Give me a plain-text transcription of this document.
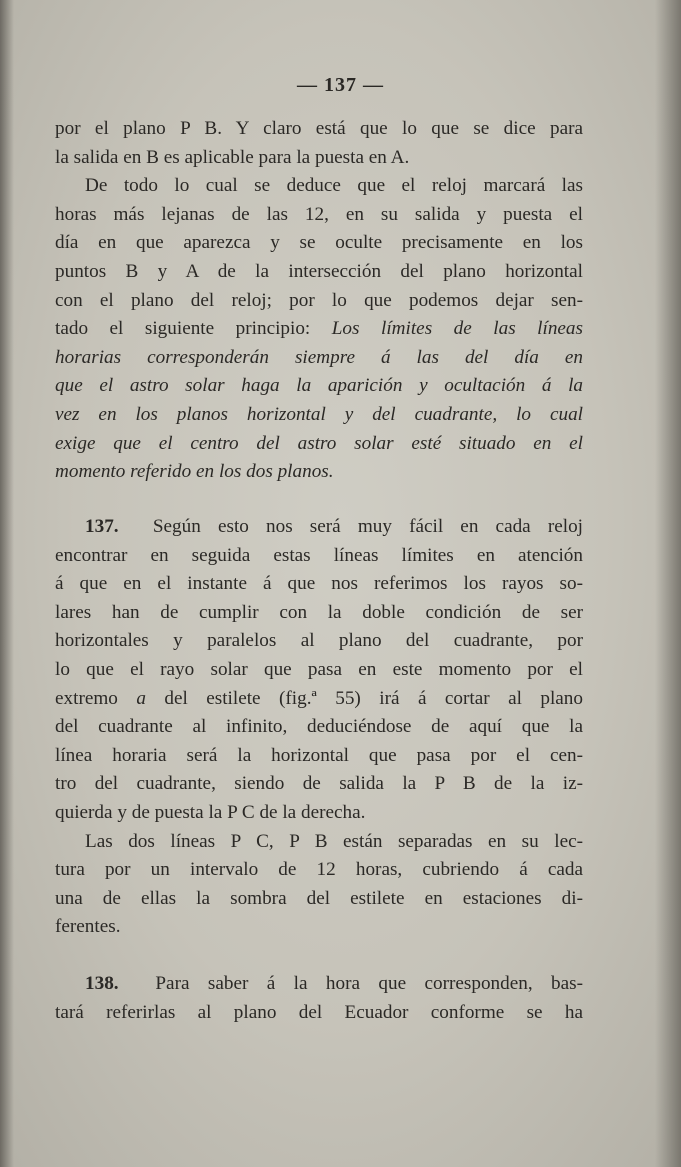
— 137 —
por el plano P B. Y claro está que lo que se dice para
la salida en B es aplicable para la puesta en A.
De todo lo cual se deduce que el reloj marcará las
horas más lejanas de las 12, en su salida y puesta el
día en que aparezca y se oculte precisamente en los
puntos B y A de la intersección del plano horizontal
con el plano del reloj; por lo que podemos dejar sen-
tado el siguiente principio: Los límites de las líneas
horarias corresponderán siempre á las del día en
que el astro solar haga la aparición y ocultación á la
vez en los planos horizontal y del cuadrante, lo cual
exige que el centro del astro solar esté situado en el
momento referido en los dos planos.
137. Según esto nos será muy fácil en cada reloj
encontrar en seguida estas líneas límites en atención
á que en el instante á que nos referimos los rayos so-
lares han de cumplir con la doble condición de ser
horizontales y paralelos al plano del cuadrante, por
lo que el rayo solar que pasa en este momento por el
extremo a del estilete (fig.ª 55) irá á cortar al plano
del cuadrante al infinito, deduciéndose de aquí que la
línea horaria será la horizontal que pasa por el cen-
tro del cuadrante, siendo de salida la P B de la iz-
quierda y de puesta la P C de la derecha.
Las dos líneas P C, P B están separadas en su lec-
tura por un intervalo de 12 horas, cubriendo á cada
una de ellas la sombra del estilete en estaciones di-
ferentes.
138. Para saber á la hora que corresponden, bas-
tará referirlas al plano del Ecuador conforme se ha
